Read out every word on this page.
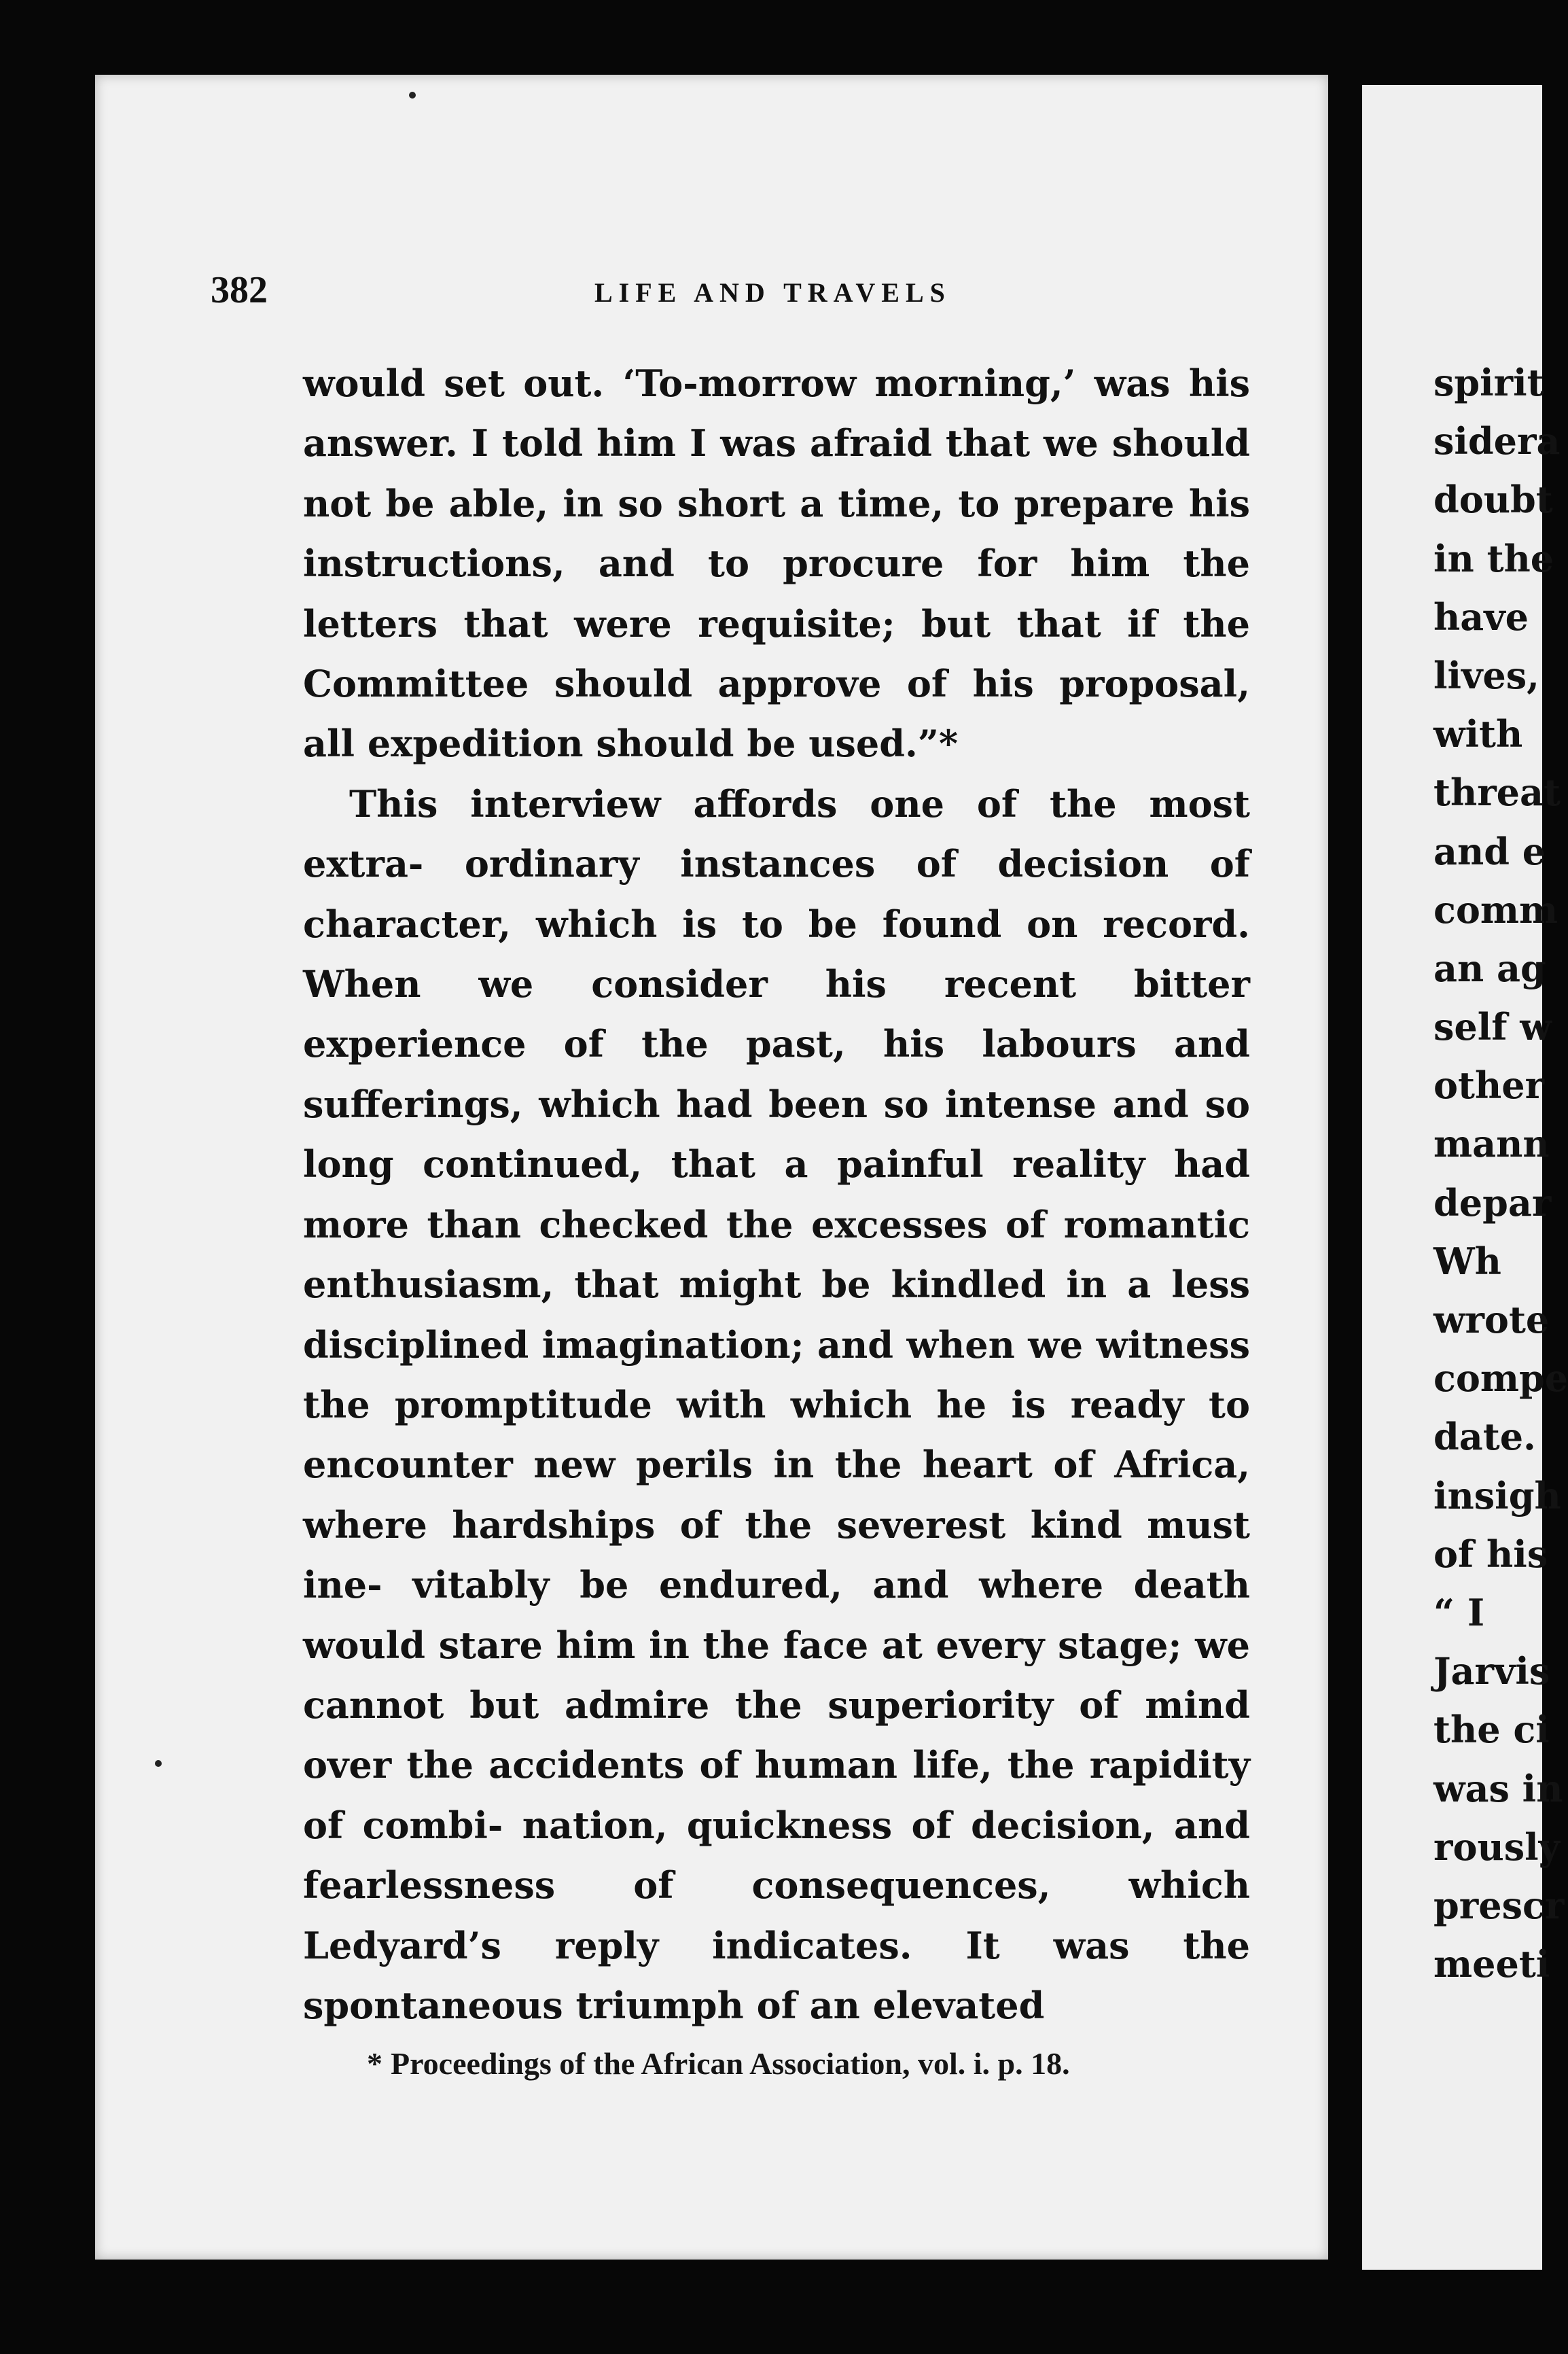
382	LIFE AND TRAVELS

would set out. ‘To-morrow morning,’ was his answer. I told him I was afraid that we should not be able, in so short a time, to prepare his instructions, and to procure for him the letters that were requisite; but that if the Committee should approve of his proposal, all expedition should be used.”*

This interview affords one of the most extra- ordinary instances of decision of character, which is to be found on record. When we consider his recent bitter experience of the past, his labours and sufferings, which had been so intense and so long continued, that a painful reality had more than checked the excesses of romantic enthusiasm, that might be kindled in a less disciplined imagination; and when we witness the promptitude with which he is ready to encounter new perils in the heart of Africa, where hardships of the severest kind must ine- vitably be endured, and where death would stare him in the face at every stage; we cannot but admire the superiority of mind over the accidents of human life, the rapidity of combi- nation, quickness of decision, and fearlessness of consequences, which Ledyard’s reply indicates. It was the spontaneous triumph of an elevated

* Proceedings of the African Association, vol. i. p. 18.
spirit
sidera
doubt
in the
have
lives,
with
threat
and e
comm
an ag
self w
other
mann
depar
Wh
wrote
compe
date.
insigh
of his
“ I
Jarvis
the ci
was in
rously
prescr
meeti
